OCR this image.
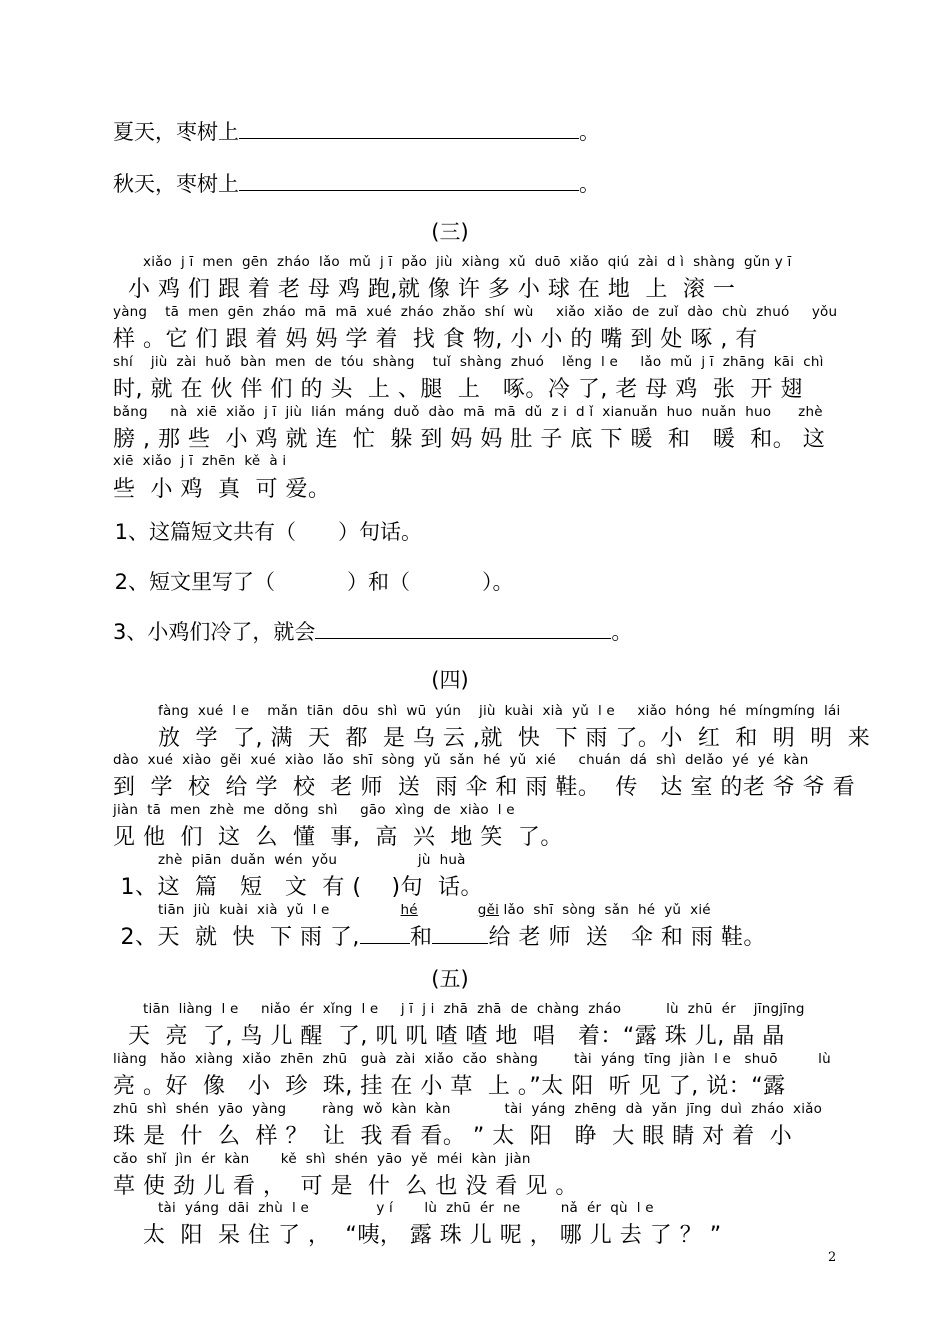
夏天，枣树上	。
秋天，枣树上	。
(三)
xiǎo  j ī  men  gēn  zháo  lǎo  mǔ  j ī  pǎo  jiù  xiàng  xǔ  duō  xiǎo  qiú  zài  d ì  shàng  gǔn y ī
小 鸡 们 跟 着 老 母 鸡 跑,就 像 许 多 小 球 在 地  上  滚 一
yàng    tā  men  gēn  zháo  mā  mā  xué  zháo  zhǎo  shí  wù     xiǎo  xiǎo  de  zuǐ  dào  chù  zhuó     yǒu
样 。它 们 跟 着 妈 妈 学 着  找 食 物, 小 小 的 嘴 到 处 啄 , 有
shí    jiù  zài  huǒ  bàn  men  de  tóu  shàng    tuǐ  shàng  zhuó    lěng  l e     lǎo  mǔ  j ī  zhāng  kāi  chì
时, 就 在 伙 伴 们 的 头  上 、腿  上   啄。冷 了, 老 母 鸡  张  开 翅
bǎng     nà  xiē  xiǎo  j ī  jiù  lián  máng  duǒ  dào  mā  mā  dǔ  z i  d ǐ  xianuǎn  huo  nuǎn  huo      zhè
膀 , 那 些  小 鸡 就 连  忙  躲 到 妈 妈 肚 子 底 下 暖  和   暖  和。 这
xiē  xiǎo  j ī  zhēn  kě  à i
些  小 鸡  真  可 爱。
1、这篇短文共有（ ）句话。
2、短文里写了（	）和（	）。
3、小鸡们冷了，就会	。
(四)
fàng  xué  l e    mǎn  tiān  dōu  shì  wū  yún    jiù  kuài  xià  yǔ  l e     xiǎo  hóng  hé  míngmíng  lái
放  学  了, 满  天  都  是 乌 云 ,就  快  下 雨 了。小  红  和  明  明  来
dào  xué  xiào  gěi  xué  xiào  lǎo  shī  sòng  yǔ  sǎn  hé  yǔ  xié     chuán  dá  shì  delǎo  yé  yé  kàn
到  学  校  给 学  校  老 师  送  雨 伞 和 雨 鞋。  传   达 室 的老 爷 爷 看
jiàn  tā  men  zhè  me  dǒng  shì     gāo  xìng  de  xiào  l e
见 他  们  这  么  懂  事,  高  兴  地 笑  了。
zhè  piān  duǎn  wén  yǒu                  jù  huà
1、这  篇   短   文  有 (    )句  话。
tiān  jiù  kuài  xià  yǔ  l e	hé	gěi lǎo  shī  sòng  sǎn  hé  yǔ  xié
2、天  就  快  下 雨 了, 和	给 老 师  送   伞 和 雨 鞋。
(五)
tiān  liàng  l e     niǎo  ér  xǐng  l e     j ī  j i  zhā  zhā  de  chàng  zháo          lù  zhū  ér    jīngjīng
天  亮  了, 鸟 儿 醒  了, 叽 叽 喳 喳 地  唱   着：“露 珠 儿, 晶 晶
liàng   hǎo  xiàng  xiǎo  zhēn  zhū   guà  zài  xiǎo  cǎo  shàng        tài  yáng  tīng  jiàn  l e   shuō         lù
亮 。好  像   小  珍  珠, 挂 在 小 草  上 。”太 阳  听 见 了, 说：“露
zhū  shì  shén  yāo  yàng        ràng  wǒ  kàn  kàn            tài  yáng  zhēng  dà  yǎn  jīng  duì  zháo  xiǎo
珠 是  什  么  样 ？  让  我 看 看。 ” 太  阳   睁  大 眼 睛 对 着  小
cǎo  shǐ  jìn  ér  kàn       kě  shì  shén  yāo  yě  méi  kàn  jiàn
草 使 劲 儿 看 ，  可 是  什  么 也 没 看 见 。
tài  yáng  dāi  zhù  l e               y í       lù  zhū  ér  ne         nǎ  ér  qù  l e
太  阳  呆 住 了 ，  “咦， 露 珠 儿 呢 ， 哪 儿 去 了 ？ ”
2
